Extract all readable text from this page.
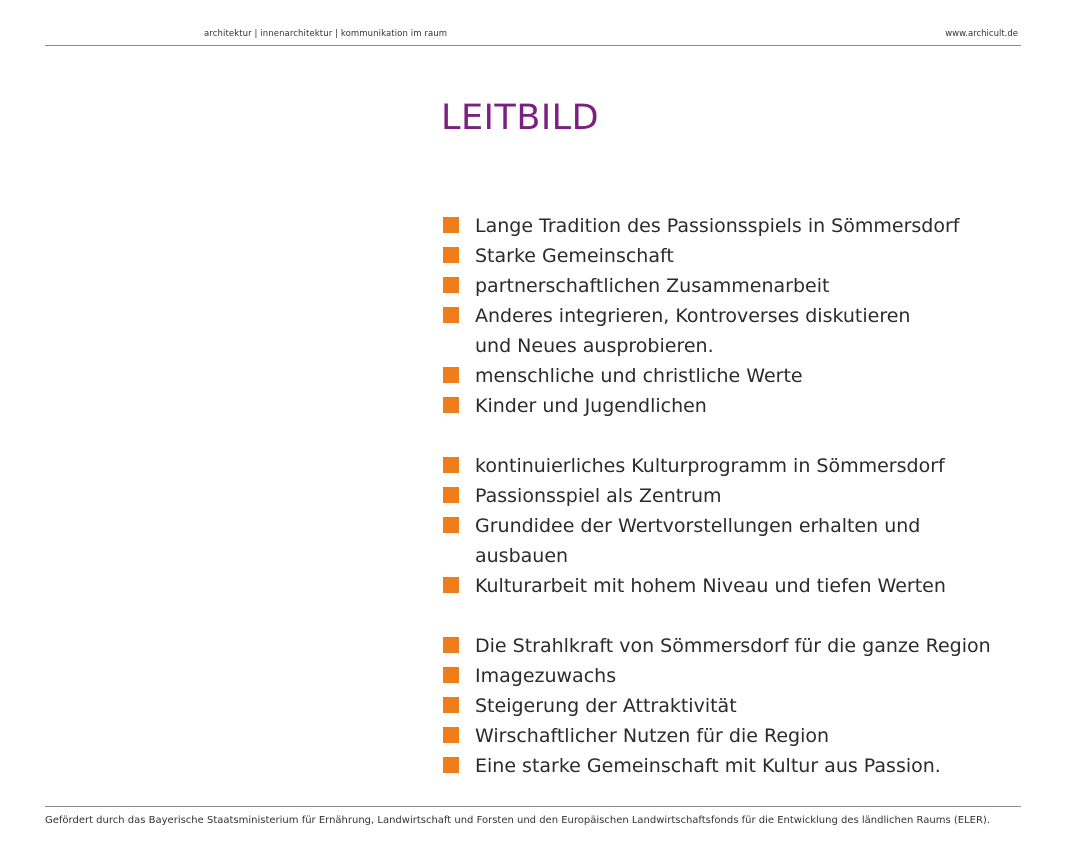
architektur | innenarchitektur | kommunikation im raum	www.archicult.de
LEITBILD
Lange Tradition des Passionsspiels in Sömmersdorf
Starke Gemeinschaft
partnerschaftlichen Zusammenarbeit
Anderes integrieren, Kontroverses diskutieren
und Neues ausprobieren.
menschliche und christliche Werte
Kinder und Jugendlichen
kontinuierliches Kulturprogramm in Sömmersdorf
Passionsspiel als Zentrum
Grundidee der Wertvorstellungen erhalten und ausbauen
Kulturarbeit mit hohem Niveau und tiefen Werten
Die Strahlkraft von Sömmersdorf für die ganze Region
Imagezuwachs
Steigerung der Attraktivität
Wirschaftlicher Nutzen für die Region
Eine starke Gemeinschaft mit Kultur aus Passion.
Gefördert durch das Bayerische Staatsministerium für Ernährung, Landwirtschaft und Forsten und den Europäischen Landwirtschaftsfonds für die Entwicklung des ländlichen Raums (ELER).
